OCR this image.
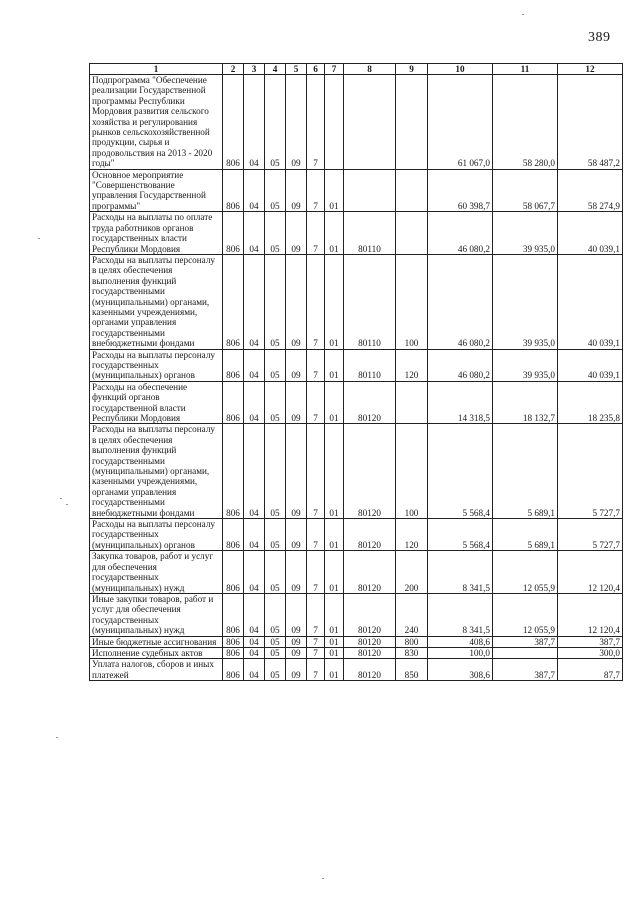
389
1	2	3	4	5	6	7	8	9	10	11	12
Подпрограмма "Обеспечение реализации Государственной программы Республики Мордовия развития сельского хозяйства и регулирования рынков сельскохозяйственной продукции, сырья и продовольствия на 2013 - 2020 годы"	806	04	05	09	7				61 067,0	58 280,0	58 487,2
Основное мероприятие "Совершенствование управления Государственной программы"	806	04	05	09	7	01			60 398,7	58 067,7	58 274,9
Расходы на выплаты по оплате труда работников органов государственных власти Республики Мордовия	806	04	05	09	7	01	80110		46 080,2	39 935,0	40 039,1
Расходы на выплаты персоналу в целях обеспечения выполнения функций государственными (муниципальными) органами, казенными учреждениями, органами управления государственными внебюджетными фондами	806	04	05	09	7	01	80110	100	46 080,2	39 935,0	40 039,1
Расходы на выплаты персоналу государственных (муниципальных) органов	806	04	05	09	7	01	80110	120	46 080,2	39 935,0	40 039,1
Расходы на обеспечение функций органов государственной власти Республики Мордовия	806	04	05	09	7	01	80120		14 318,5	18 132,7	18 235,8
Расходы на выплаты персоналу в целях обеспечения выполнения функций государственными (муниципальными) органами, казенными учреждениями, органами управления государственными внебюджетными фондами	806	04	05	09	7	01	80120	100	5 568,4	5 689,1	5 727,7
Расходы на выплаты персоналу государственных (муниципальных) органов	806	04	05	09	7	01	80120	120	5 568,4	5 689,1	5 727,7
Закупка товаров, работ и услуг для обеспечения государственных (муниципальных) нужд	806	04	05	09	7	01	80120	200	8 341,5	12 055,9	12 120,4
Иные закупки товаров, работ и услуг для обеспечения государственных (муниципальных) нужд	806	04	05	09	7	01	80120	240	8 341,5	12 055,9	12 120,4
Иные бюджетные ассигнования	806	04	05	09	7	01	80120	800	408,6	387,7	387,7
Исполнение судебных актов	806	04	05	09	7	01	80120	830	100,0		300,0
Уплата налогов, сборов и иных платежей	806	04	05	09	7	01	80120	850	308,6	387,7	87,7
